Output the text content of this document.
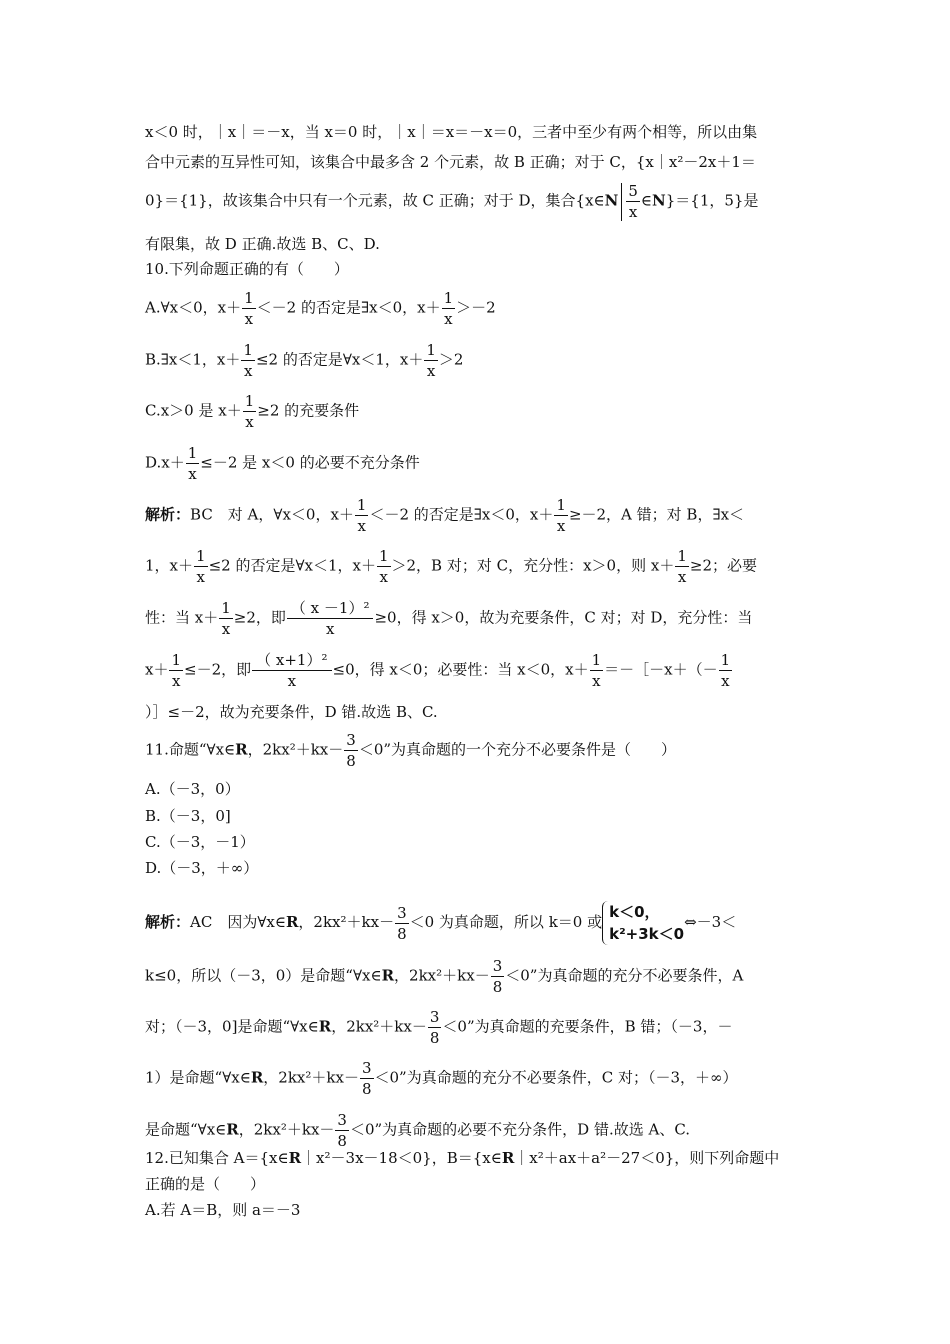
x＜0 时，｜x｜＝－x，当 x＝0 时，｜x｜＝x＝－x＝0，三者中至少有两个相等，所以由集
合中元素的互异性可知，该集合中最多含 2 个元素，故 B 正确；对于 C，{x｜x²－2x＋1＝
0}＝{1}，故该集合中只有一个元素，故 C 正确；对于 D，集合{x∈N $\frac{5}{x}$ ∈N}＝{1，5}是
有限集，故 D 正确.故选 B、C、D.
10.下列命题正确的有（　　）
A.∀x＜0，$x+ \frac{1}{x} <-2$ 的否定是∃x＜0，$x+ \frac{1}{x} >-2$
B.∃x＜1，$x+ \frac{1}{x} \le 2$ 的否定是∀x＜1，$x+ \frac{1}{x} >2$
C.x＞0 是 $x+ \frac{1}{x} \ge 2$ 的充要条件
$D.x+ \frac{1}{x} \le-2$ 是 x＜0 的必要不充分条件
解析：BC　对 A，∀x＜0，$x+ \frac{1}{x} <-2$ 的否定是∃x＜0，$x+ \frac{1}{x} \ge-2$，A 错；对 B，∃x＜
1，$x+ \frac{1}{x} \le 2$ 的否定是∀x＜1，$x+ \frac{1}{x} >2$，B 对；对 C，充分性：x＞0，则 $x+ \frac{1}{x} \ge 2$；必要
性：当 $x+ \frac{1}{x} \ge 2$，即 $\frac{\text{（ x －1）²}}{x} \ge 0$，得 x＞0，故为充要条件，C 对；对 D，充分性：当
$x+ \frac{1}{x} \le-2$，即 $\frac{\text{（ x+1）²}}{x} \le 0$，得 x＜0；必要性：当 x＜0，$x+ \frac{1}{x}$ ＝－［－x＋（－ $\frac{1}{x}$
）］≤－2，故为充要条件，D 错.故选 B、C.
11.命题“∀x∈R，$2kx^2+kx- \frac{3}{8} <0$”为真命题的一个充分不必要条件是（　　）
A.（－3，0）
B.（－3，0]
C.（－3，－1）
D.（－3，＋∞）
解析：AC　因为∀x∈R，$2kx^2+kx- \frac{3}{8} <0$ 为真命题，所以 k＝0 或
k＜0，
k²+3k＜0
⇔－3＜
k≤0，所以（－3，0）是命题“∀x∈R，$2kx^2+kx- \frac{3}{8} <0$”为真命题的充分不必要条件，A
对；（－3，0]是命题“∀x∈R，$2kx^2+kx- \frac{3}{8} <0$”为真命题的充要条件，B 错；（－3，－
1）是命题“∀x∈R，$2kx^2+kx- \frac{3}{8} <0$”为真命题的充分不必要条件，C 对；（－3，＋∞）
是命题“∀x∈R，$2kx^2+kx- \frac{3}{8} <0$”为真命题的必要不充分条件，D 错.故选 A、C.
12.已知集合 A＝{x∈R｜x²－3x－18＜0}，B＝{x∈R｜x²＋ax＋a²－27＜0}，则下列命题中
正确的是（　　）
A.若 A＝B，则 a＝－3
